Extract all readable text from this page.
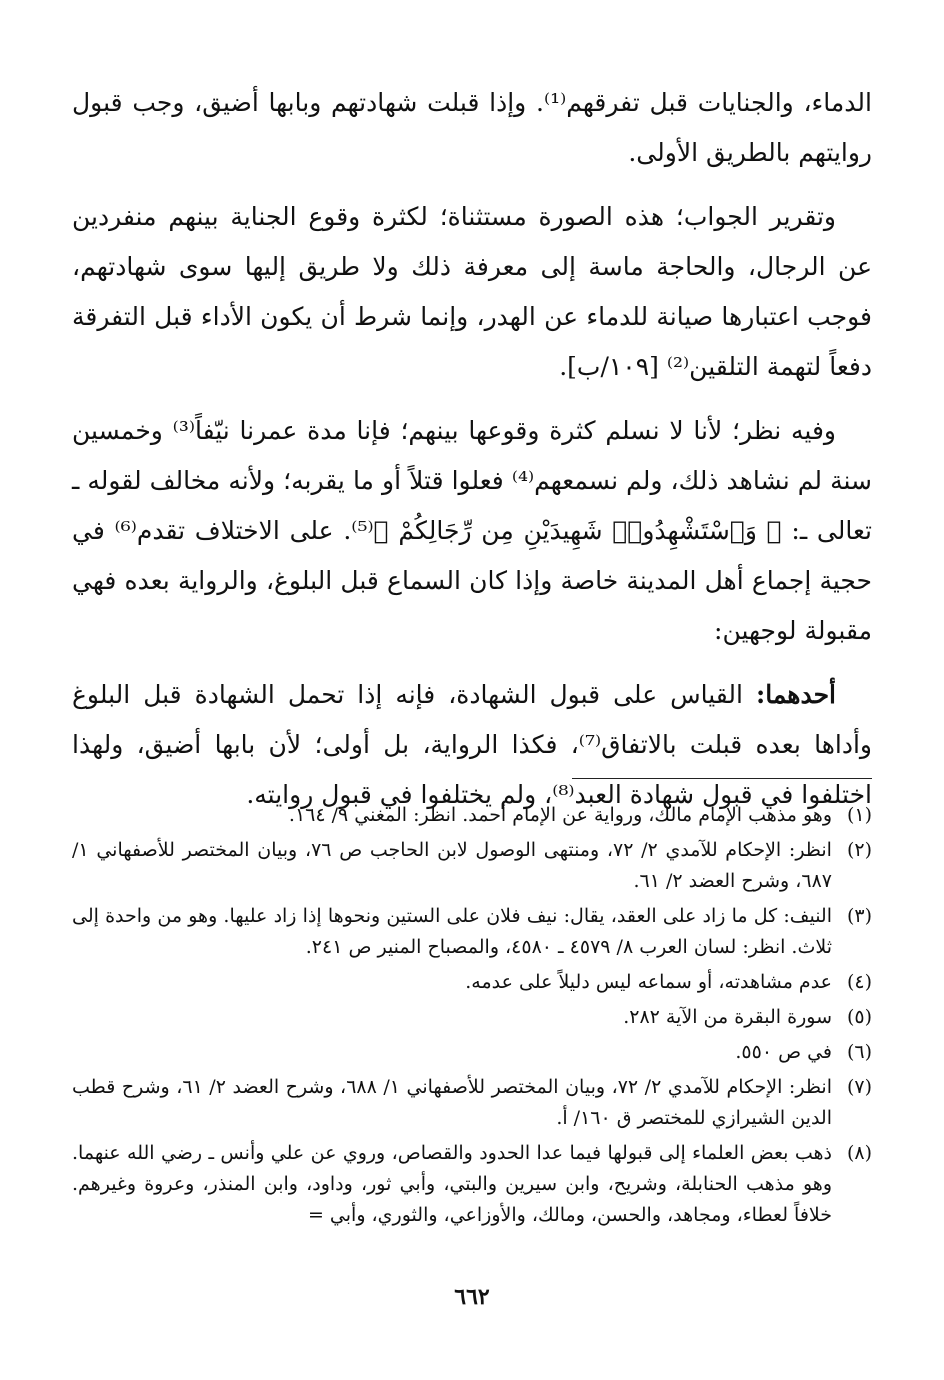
الدماء، والجنايات قبل تفرقهم⁽¹⁾. وإذا قبلت شهادتهم وبابها أضيق، وجب قبول روايتهم بالطريق الأولى.

وتقرير الجواب؛ هذه الصورة مستثناة؛ لكثرة وقوع الجناية بينهم منفردين عن الرجال، والحاجة ماسة إلى معرفة ذلك ولا طريق إليها سوى شهادتهم، فوجب اعتبارها صيانة للدماء عن الهدر، وإنما شرط أن يكون الأداء قبل التفرقة دفعاً لتهمة التلقين⁽²⁾ [١٠٩/ب].

وفيه نظر؛ لأنا لا نسلم كثرة وقوعها بينهم؛ فإنا مدة عمرنا نيّفاً⁽³⁾ وخمسين سنة لم نشاهد ذلك، ولم نسمعهم⁽⁴⁾ فعلوا قتلاً أو ما يقربه؛ ولأنه مخالف لقوله ـ تعالى ـ: ﴿ وَٱسْتَشْهِدُوا۟ شَهِيدَيْنِ مِن رِّجَالِكُمْ ﴾⁽⁵⁾. على الاختلاف تقدم⁽⁶⁾ في حجية إجماع أهل المدينة خاصة وإذا كان السماع قبل البلوغ، والرواية بعده فهي مقبولة لوجهين:

أحدهما: القياس على قبول الشهادة، فإنه إذا تحمل الشهادة قبل البلوغ وأداها بعده قبلت بالاتفاق⁽⁷⁾، فكذا الرواية، بل أولى؛ لأن بابها أضيق، ولهذا اختلفوا في قبول شهادة العبد⁽⁸⁾، ولم يختلفوا في قبول روايته.

(١)
وهو مذهب الإمام مالك، ورواية عن الإمام أحمد. انظر: المغني ٩/ ١٦٤.
(٢)
انظر: الإحكام للآمدي ٢/ ٧٢، ومنتهى الوصول لابن الحاجب ص ٧٦، وبيان المختصر للأصفهاني ١/ ٦٨٧، وشرح العضد ٢/ ٦١.
(٣)
النيف: كل ما زاد على العقد، يقال: نيف فلان على الستين ونحوها إذا زاد عليها. وهو من واحدة إلى ثلاث. انظر: لسان العرب ٨/ ٤٥٧٩ ـ ٤٥٨٠، والمصباح المنير ص ٢٤١.
(٤)
عدم مشاهدته، أو سماعه ليس دليلاً على عدمه.
(٥)
سورة البقرة من الآية ٢٨٢.
(٦)
في ص ٥٥٠.
(٧)
انظر: الإحكام للآمدي ٢/ ٧٢، وبيان المختصر للأصفهاني ١/ ٦٨٨، وشرح العضد ٢/ ٦١، وشرح قطب الدين الشيرازي للمختصر ق ١٦٠/ أ.
(٨)
ذهب بعض العلماء إلى قبولها فيما عدا الحدود والقصاص، وروي عن علي وأنس ـ رضي الله عنهما. وهو مذهب الحنابلة، وشريح، وابن سيرين والبتي، وأبي ثور، وداود، وابن المنذر، وعروة وغيرهم. خلافاً لعطاء، ومجاهد، والحسن، ومالك، والأوزاعي، والثوري، وأبي =
٦٦٢
